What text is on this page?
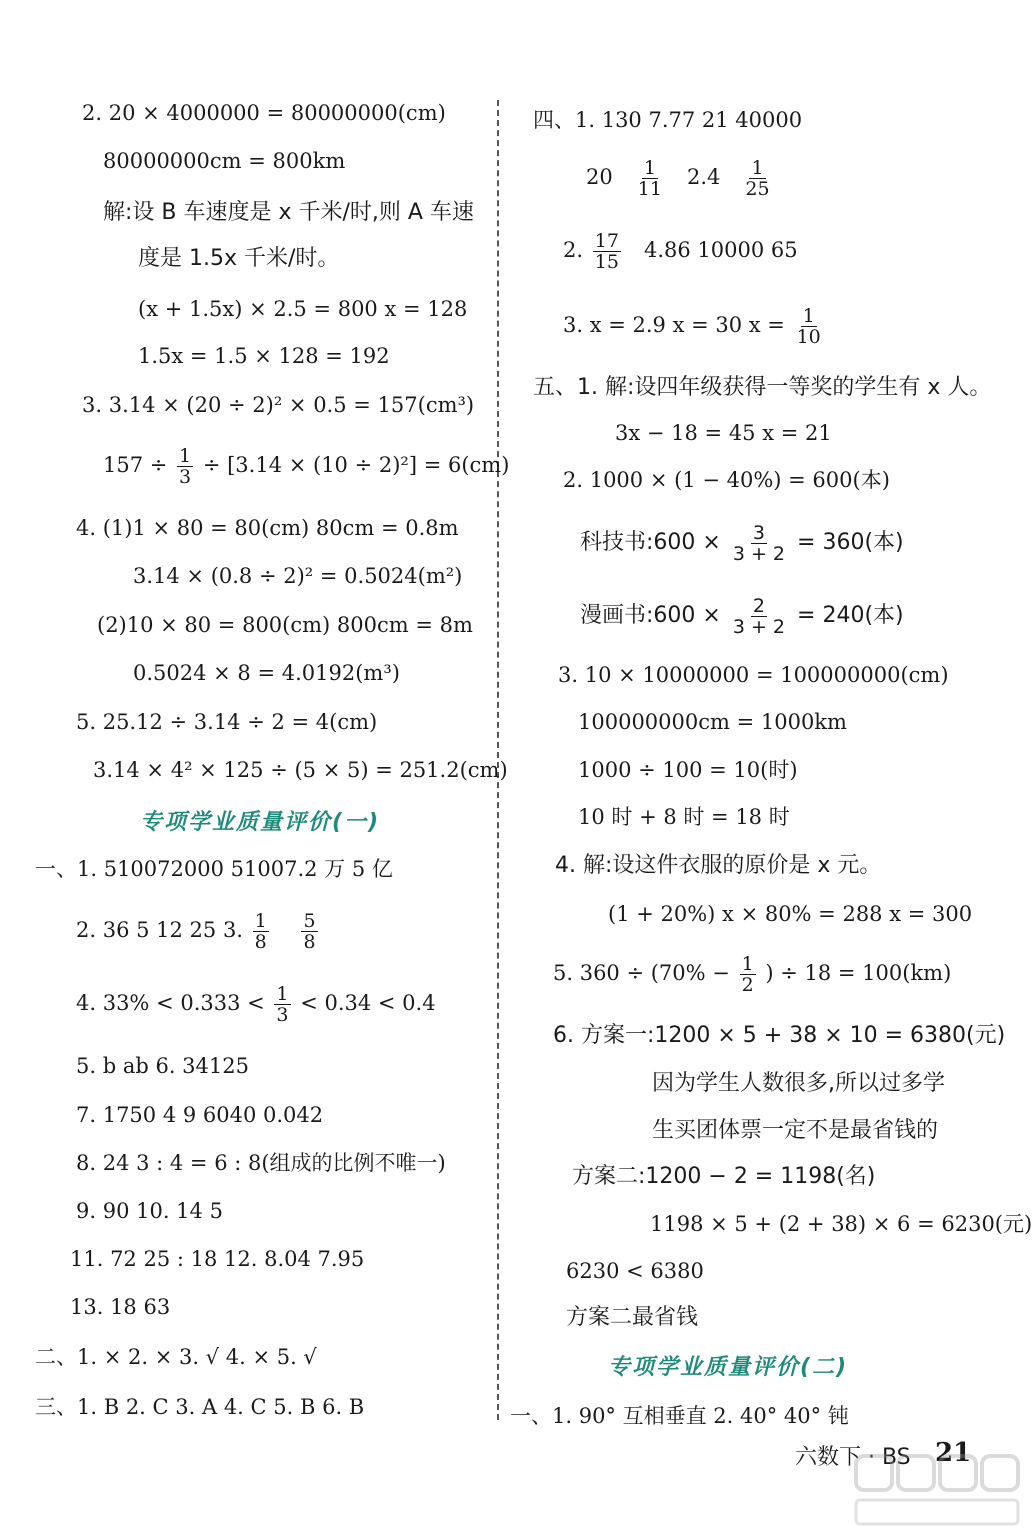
2. 20 × 4000000 = 80000000(cm)
80000000cm = 800km
解:设 B 车速度是 x 千米/时,则 A 车速
度是 1.5x 千米/时。
(x + 1.5x) × 2.5 = 800 x = 128
1.5x = 1.5 × 128 = 192
3. 3.14 × (20 ÷ 2)² × 0.5 = 157(cm³)
$157 \div \frac{1}{3} \div [3.14 \times (10 \div 2)^2] = 6(cm)$
4. (1)1 × 80 = 80(cm) 80cm = 0.8m
3.14 × (0.8 ÷ 2)² = 0.5024(m²)
(2)10 × 80 = 800(cm) 800cm = 8m
0.5024 × 8 = 4.0192(m³)
5. 25.12 ÷ 3.14 ÷ 2 = 4(cm)
3.14 × 4² × 125 ÷ (5 × 5) = 251.2(cm)
专项学业质量评价(一)
一、1. 510072000 51007.2 万 5 亿
2. 36 5 12 25 3. $\frac{1}{8}$
$\frac{5}{8}$
4. $33\% < 0.333 < \frac{1}{3} < 0.34 < 0.4$
5. b ab 6. 34125
7. 1750 4 9 6040 0.042
8. 24 3 : 4 = 6 : 8(组成的比例不唯一)
9. 90 10. 14 5
11. 72 25 : 18 12. 8.04 7.95
13. 18 63
二、1. × 2. × 3. √ 4. × 5. √
三、1. B 2. C 3. A 4. C 5. B 6. B
四、1. 130 7.77 21 40000
$20 \frac{1}{11} 2.4 \frac{1}{25}$
2. $\frac{17}{15} 4.86$ 10000 65
3. x = 2.9 x = 30 $x = \frac{1}{10}$
五、1. 解:设四年级获得一等奖的学生有 x 人。
3x − 18 = 45 x = 21
2. 1000 × (1 − 40%) = 600(本)
科技书:600 × $\frac{3}{3 + 2} = 360$(本)
漫画书:600 × $\frac{2}{3 + 2} = 240$(本)
3. 10 × 10000000 = 100000000(cm)
100000000cm = 1000km
1000 ÷ 100 = 10(时)
10 时 + 8 时 = 18 时
4. 解:设这件衣服的原价是 x 元。
(1 + 20%) x × 80% = 288 x = 300
5. $360 \div (70\% - \frac{1}{2}$ ) ÷ 18 = 100(km)
6. 方案一:1200 × 5 + 38 × 10 = 6380(元)
因为学生人数很多,所以过多学
生买团体票一定不是最省钱的
方案二:1200 − 2 = 1198(名)
1198 × 5 + (2 + 38) × 6 = 6230(元)
6230 < 6380
方案二最省钱
专项学业质量评价(二)
一、1. 90° 互相垂直 2. 40° 40° 钝
六数下 · BS 21
